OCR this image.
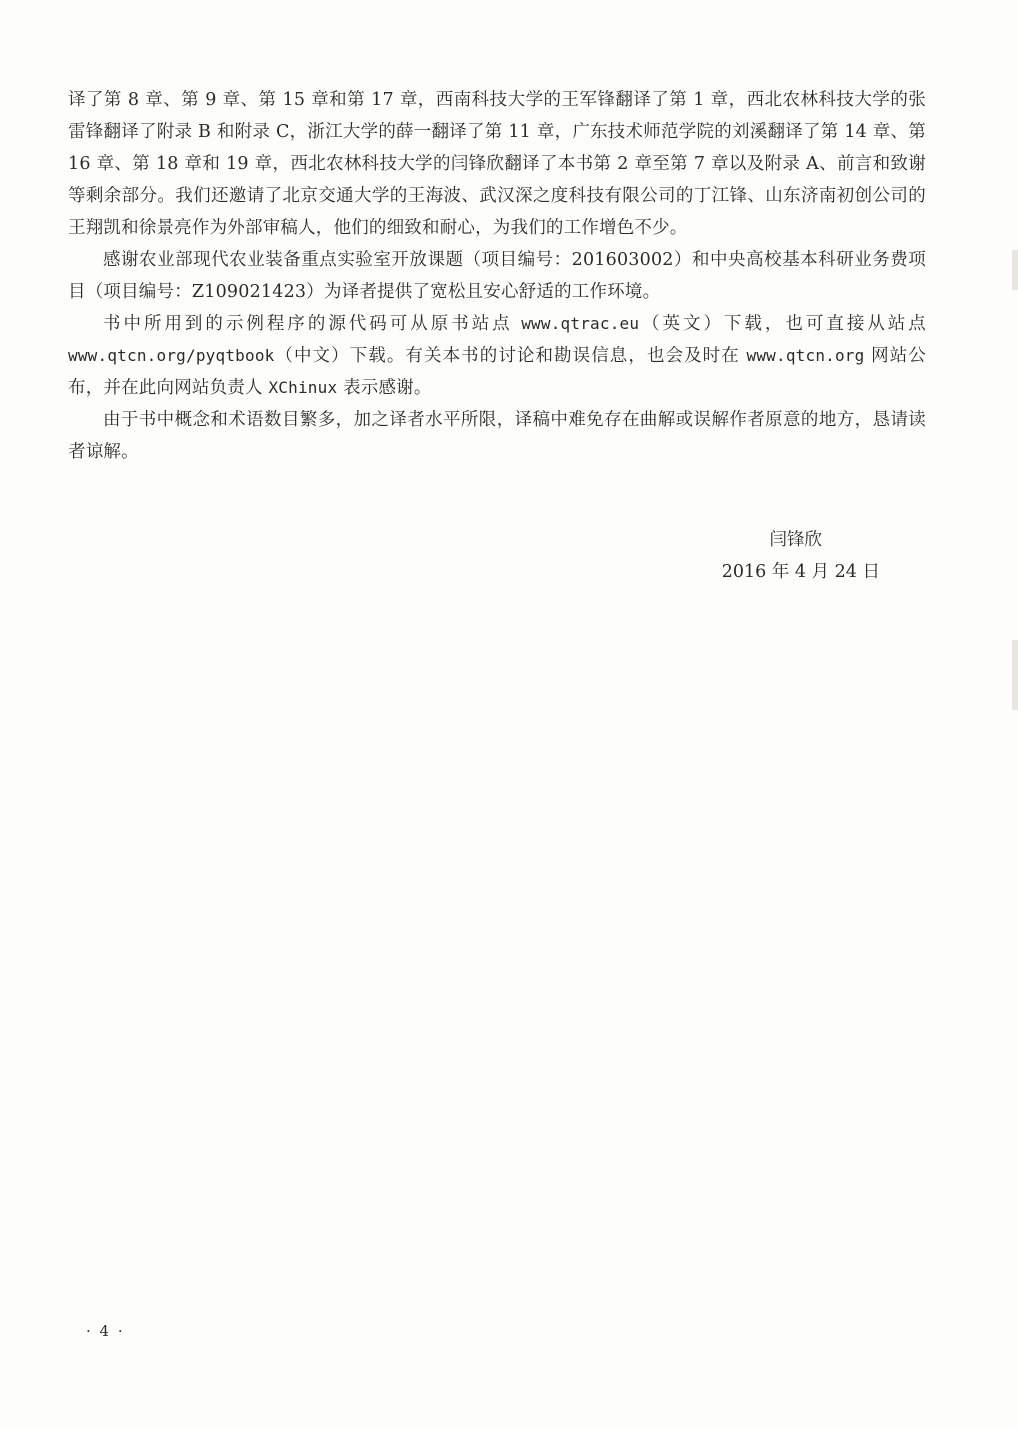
译了第 8 章、第 9 章、第 15 章和第 17 章，西南科技大学的王军锋翻译了第 1 章，西北农林科技大学的张雷锋翻译了附录 B 和附录 C，浙江大学的薛一翻译了第 11 章，广东技术师范学院的刘溪翻译了第 14 章、第 16 章、第 18 章和 19 章，西北农林科技大学的闫锋欣翻译了本书第 2 章至第 7 章以及附录 A、前言和致谢等剩余部分。我们还邀请了北京交通大学的王海波、武汉深之度科技有限公司的丁江锋、山东济南初创公司的王翔凯和徐景亮作为外部审稿人，他们的细致和耐心，为我们的工作增色不少。

感谢农业部现代农业装备重点实验室开放课题（项目编号：201603002）和中央高校基本科研业务费项目（项目编号：Z109021423）为译者提供了宽松且安心舒适的工作环境。

书中所用到的示例程序的源代码可从原书站点 www.qtrac.eu（英文）下载，也可直接从站点 www.qtcn.org/pyqtbook（中文）下载。有关本书的讨论和勘误信息，也会及时在 www.qtcn.org 网站公布，并在此向网站负责人 XChinux 表示感谢。

由于书中概念和术语数目繁多，加之译者水平所限，译稿中难免存在曲解或误解作者原意的地方，恳请读者谅解。

闫锋欣
2016 年 4 月 24 日
· 4 ·
